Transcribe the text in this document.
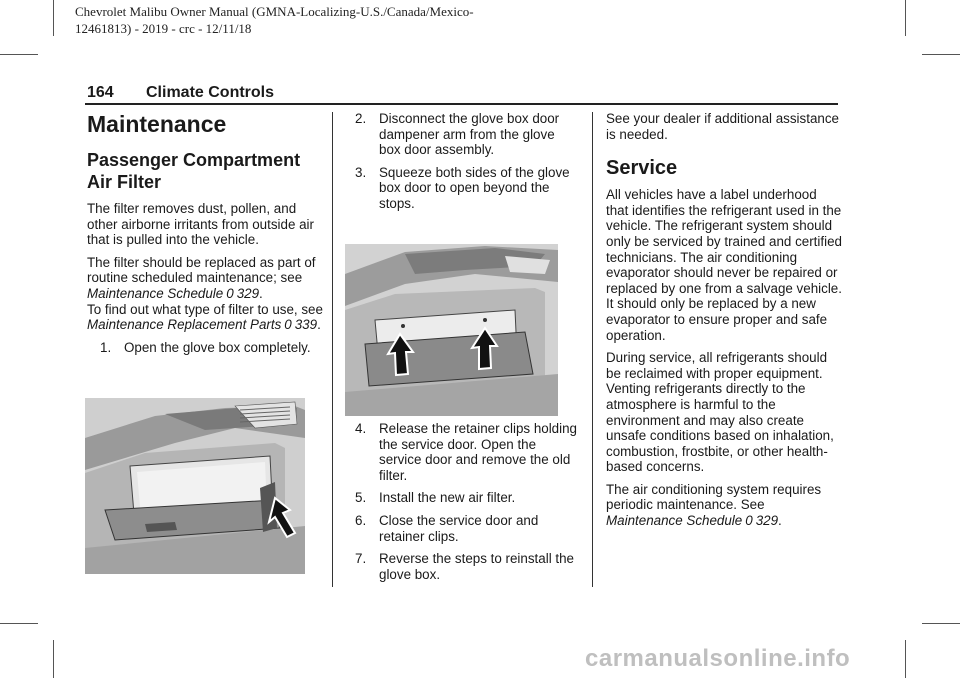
Chevrolet Malibu Owner Manual (GMNA-Localizing-U.S./Canada/Mexico-
12461813) - 2019 - crc - 12/11/18
164 Climate Controls
Maintenance
Passenger Compartment
Air Filter

The filter removes dust, pollen, and other airborne irritants from outside air that is pulled into the vehicle.

The filter should be replaced as part of routine scheduled maintenance; see Maintenance Schedule 0 329.
To find out what type of filter to use, see Maintenance Replacement Parts 0 339.

1. Open the glove box completely.
2. Disconnect the glove box door dampener arm from the glove box door assembly.
3. Squeeze both sides of the glove box door to open beyond the stops.
4. Release the retainer clips holding the service door. Open the service door and remove the old filter.
5. Install the new air filter.
6. Close the service door and retainer clips.
7. Reverse the steps to reinstall the glove box.

See your dealer if additional assistance is needed.

Service

All vehicles have a label underhood that identifies the refrigerant used in the vehicle. The refrigerant system should only be serviced by trained and certified technicians. The air conditioning evaporator should never be repaired or replaced by one from a salvage vehicle.

It should only be replaced by a new evaporator to ensure proper and safe operation.

During service, all refrigerants should be reclaimed with proper equipment. Venting refrigerants directly to the atmosphere is harmful to the environment and may also create unsafe conditions based on inhalation, combustion, frostbite, or other health-based concerns.

The air conditioning system requires periodic maintenance. See Maintenance Schedule 0 329.

carmanualsonline.info
